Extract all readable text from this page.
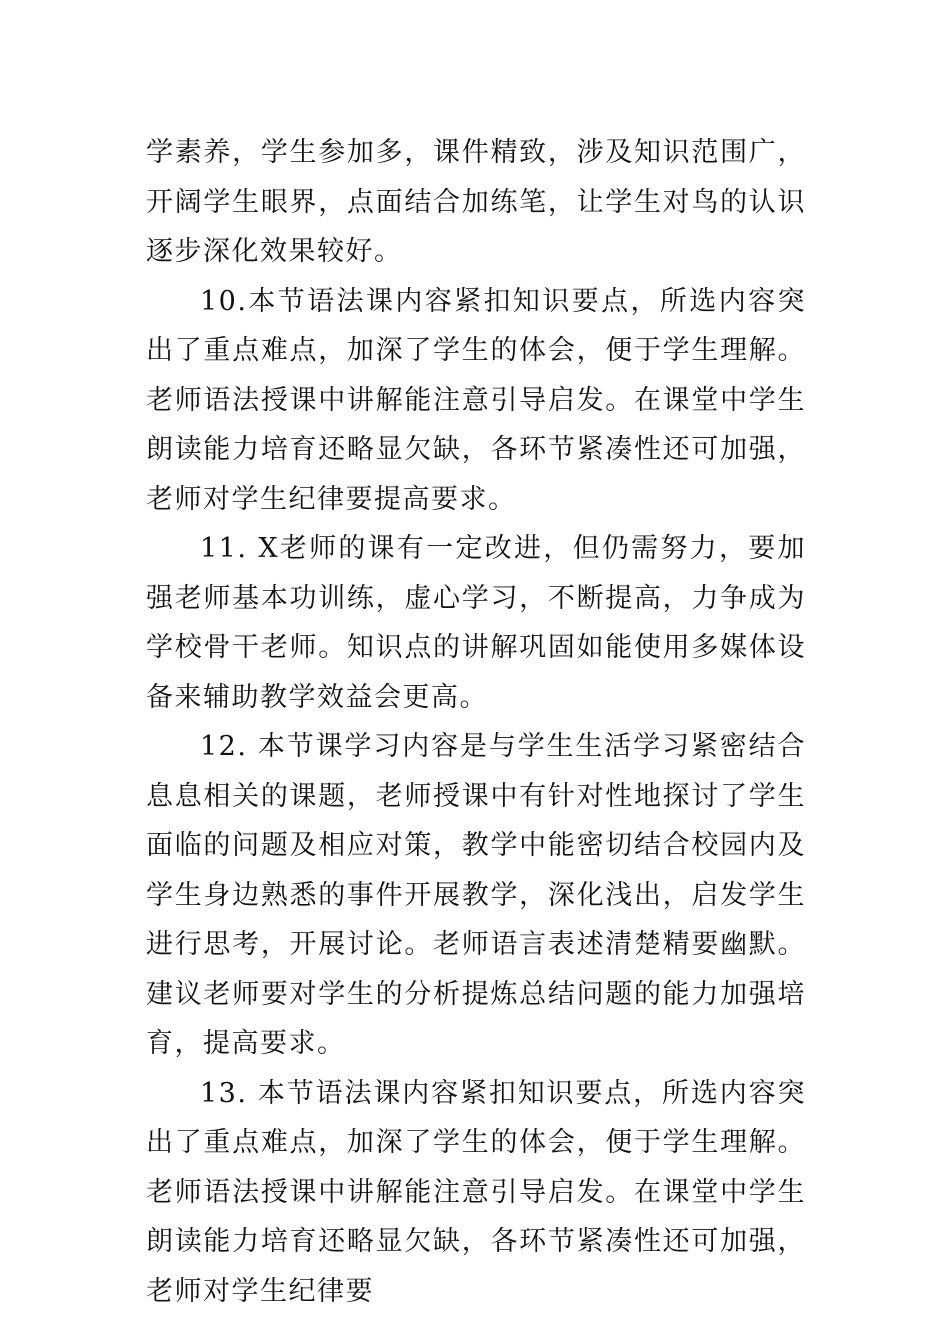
学素养，学生参加多，课件精致，涉及知识范围广，开阔学生眼界，点面结合加练笔，让学生对鸟的认识逐步深化效果较好。

10.本节语法课内容紧扣知识要点，所选内容突出了重点难点，加深了学生的体会，便于学生理解。老师语法授课中讲解能注意引导启发。在课堂中学生朗读能力培育还略显欠缺，各环节紧凑性还可加强，老师对学生纪律要提高要求。

11. X老师的课有一定改进，但仍需努力，要加强老师基本功训练，虚心学习，不断提高，力争成为学校骨干老师。知识点的讲解巩固如能使用多媒体设备来辅助教学效益会更高。

12. 本节课学习内容是与学生生活学习紧密结合息息相关的课题，老师授课中有针对性地探讨了学生面临的问题及相应对策，教学中能密切结合校园内及学生身边熟悉的事件开展教学，深化浅出，启发学生进行思考，开展讨论。老师语言表述清楚精要幽默。建议老师要对学生的分析提炼总结问题的能力加强培育，提高要求。

13. 本节语法课内容紧扣知识要点，所选内容突出了重点难点，加深了学生的体会，便于学生理解。老师语法授课中讲解能注意引导启发。在课堂中学生朗读能力培育还略显欠缺，各环节紧凑性还可加强，老师对学生纪律要
